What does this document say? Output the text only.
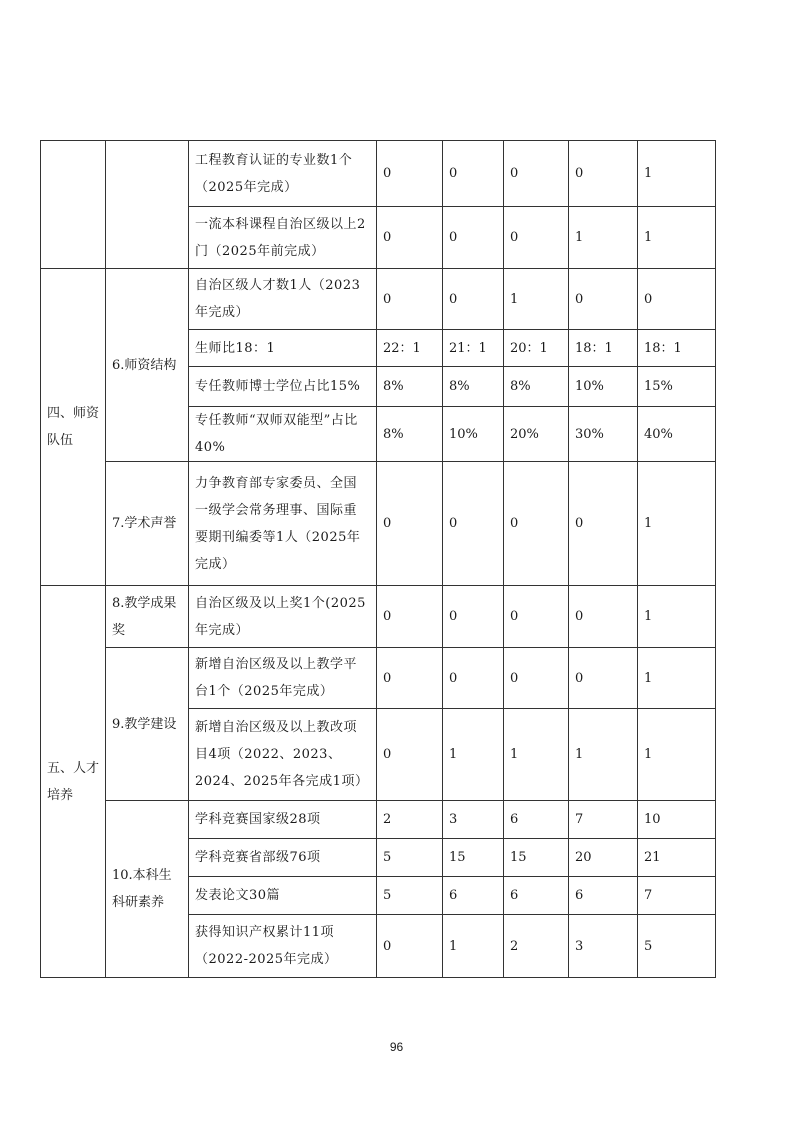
		工程教育认证的专业数1个（2025年完成）	0	0	0	0	1
		一流本科课程自治区级以上2门（2025年前完成）	0	0	0	1	1
四、师资队伍	6.师资结构	自治区级人才数1人（2023年完成）	0	0	1	0	0
		生师比18：1	22：1	21：1	20：1	18：1	18：1
		专任教师博士学位占比15%	8%	8%	8%	10%	15%
		专任教师“双师双能型”占比40%	8%	10%	20%	30%	40%
	7.学术声誉	力争教育部专家委员、全国一级学会常务理事、国际重要期刊编委等1人（2025年完成）	0	0	0	0	1
五、人才培养	8.教学成果奖	自治区级及以上奖1个(2025年完成）	0	0	0	0	1
	9.教学建设	新增自治区级及以上教学平台1个（2025年完成）	0	0	0	0	1
		新增自治区级及以上教改项目4项（2022、2023、2024、2025年各完成1项）	0	1	1	1	1
	10.本科生科研素养	学科竞赛国家级28项	2	3	6	7	10
		学科竞赛省部级76项	5	15	15	20	21
		发表论文30篇	5	6	6	6	7
		获得知识产权累计11项（2022-2025年完成）	0	1	2	3	5
96
